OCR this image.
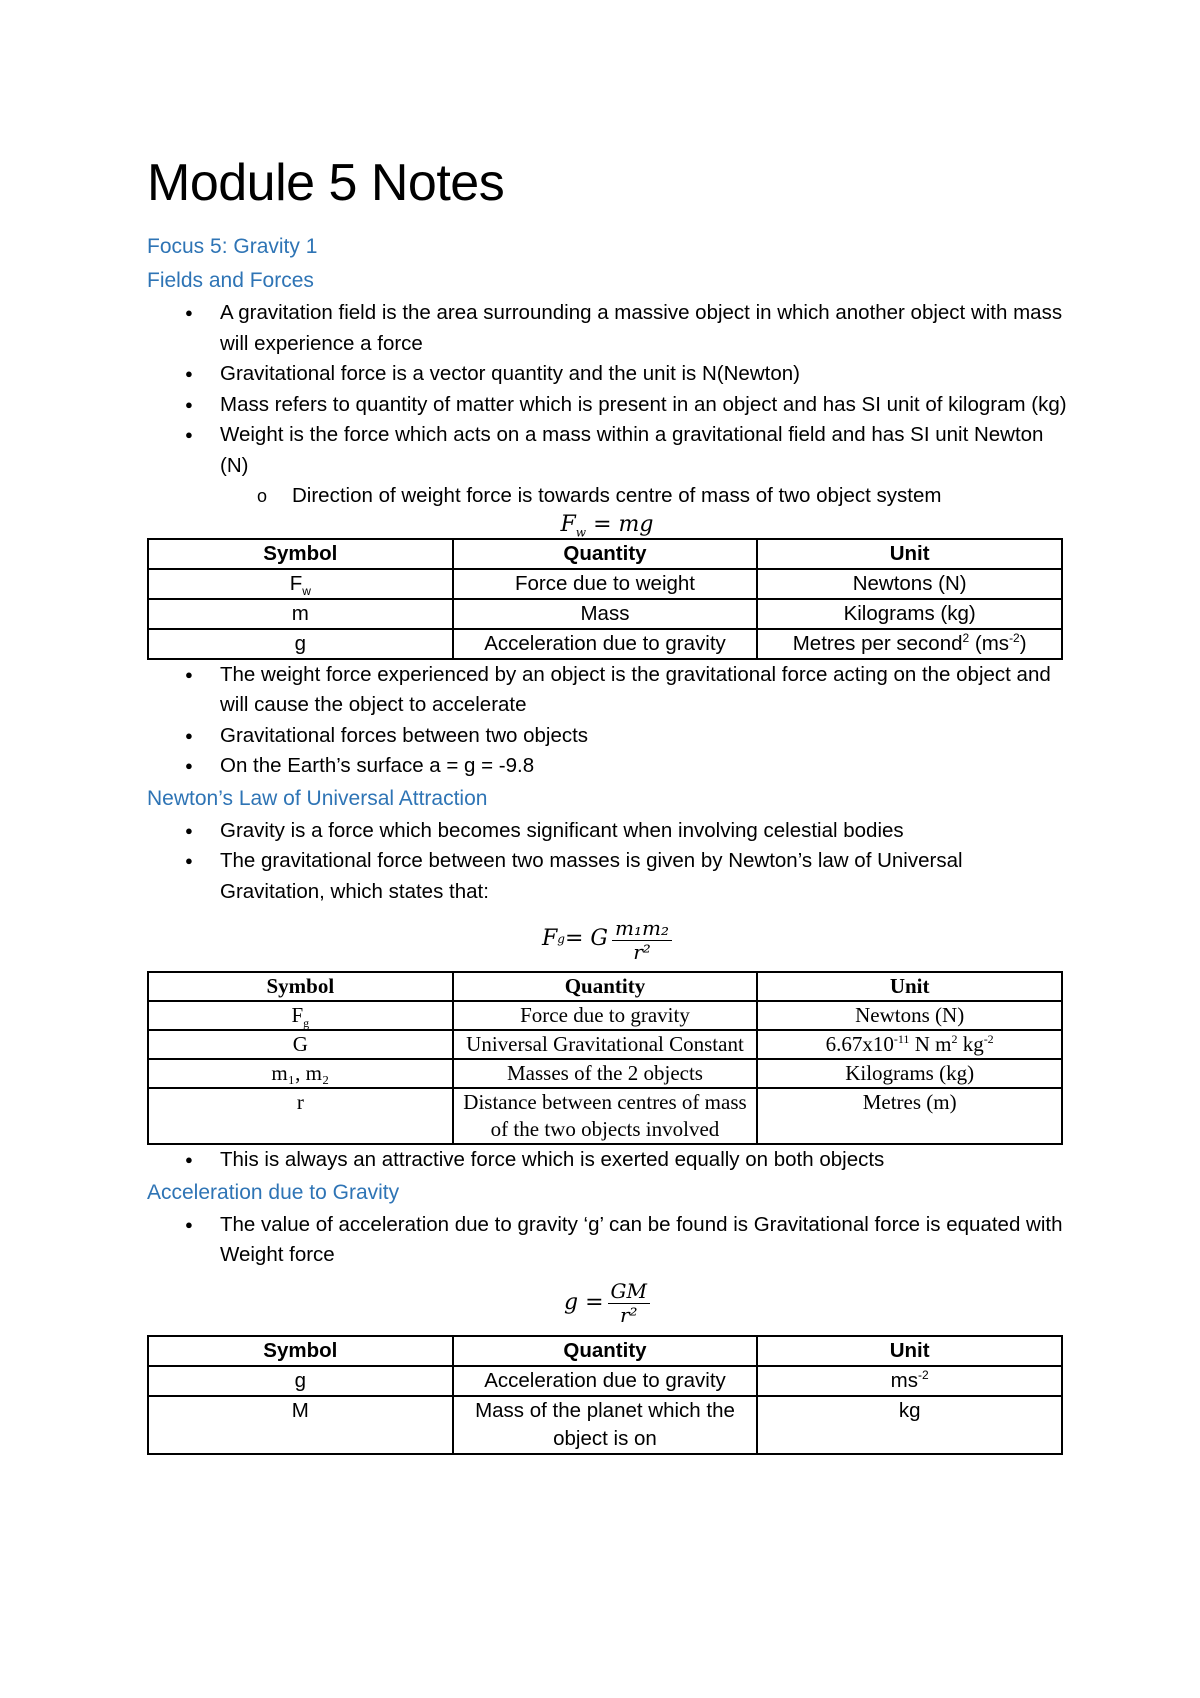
Module 5 Notes
Focus 5: Gravity 1
Fields and Forces
● A gravitation field is the area surrounding a massive object in which another object with mass will experience a force
● Gravitational force is a vector quantity and the unit is N(Newton)
● Mass refers to quantity of matter which is present in an object and has SI unit of kilogram (kg)
● Weight is the force which acts on a mass within a gravitational field and has SI unit Newton (N)
o Direction of weight force is towards centre of mass of two object system

$F_w$ = mg

Symbol	Quantity	Unit
$F_w$	Force due to weight	Newtons (N)
m	Mass	Kilograms (kg)
g	Acceleration due to gravity	Metres per second$^2$ $(ms^{-2})$
● The weight force experienced by an object is the gravitational force acting on the object and will cause the object to accelerate
● Gravitational forces between two objects
● On the Earth’s surface a = g = -9.8
Newton’s Law of Universal Attraction
● Gravity is a force which becomes significant when involving celestial bodies
● The gravitational force between two masses is given by Newton’s law of Universal Gravitation, which states that:
F g = G $\frac{\text{m₁m₂}}{\text{r²}}$
Symbol	Quantity	Unit
$F_g$	Force due to gravity	Newtons (N)
G	Universal Gravitational Constant	$6.67x10^{-11}$ N $m^2$ $kg^{-2}$
m₁, m₂	Masses of the 2 objects	Kilograms (kg)
r	Distance between centres of mass of the two objects involved	Metres (m)
● This is always an attractive force which is exerted equally on both objects
Acceleration due to Gravity
● The value of acceleration due to gravity ‘g’ can be found is Gravitational force is equated with Weight force
$g = \frac{GM}{\text{r²}}$
Symbol	Quantity	Unit
g	Acceleration due to gravity	$ms^{-2}$
M	Mass of the planet which the object is on	kg
